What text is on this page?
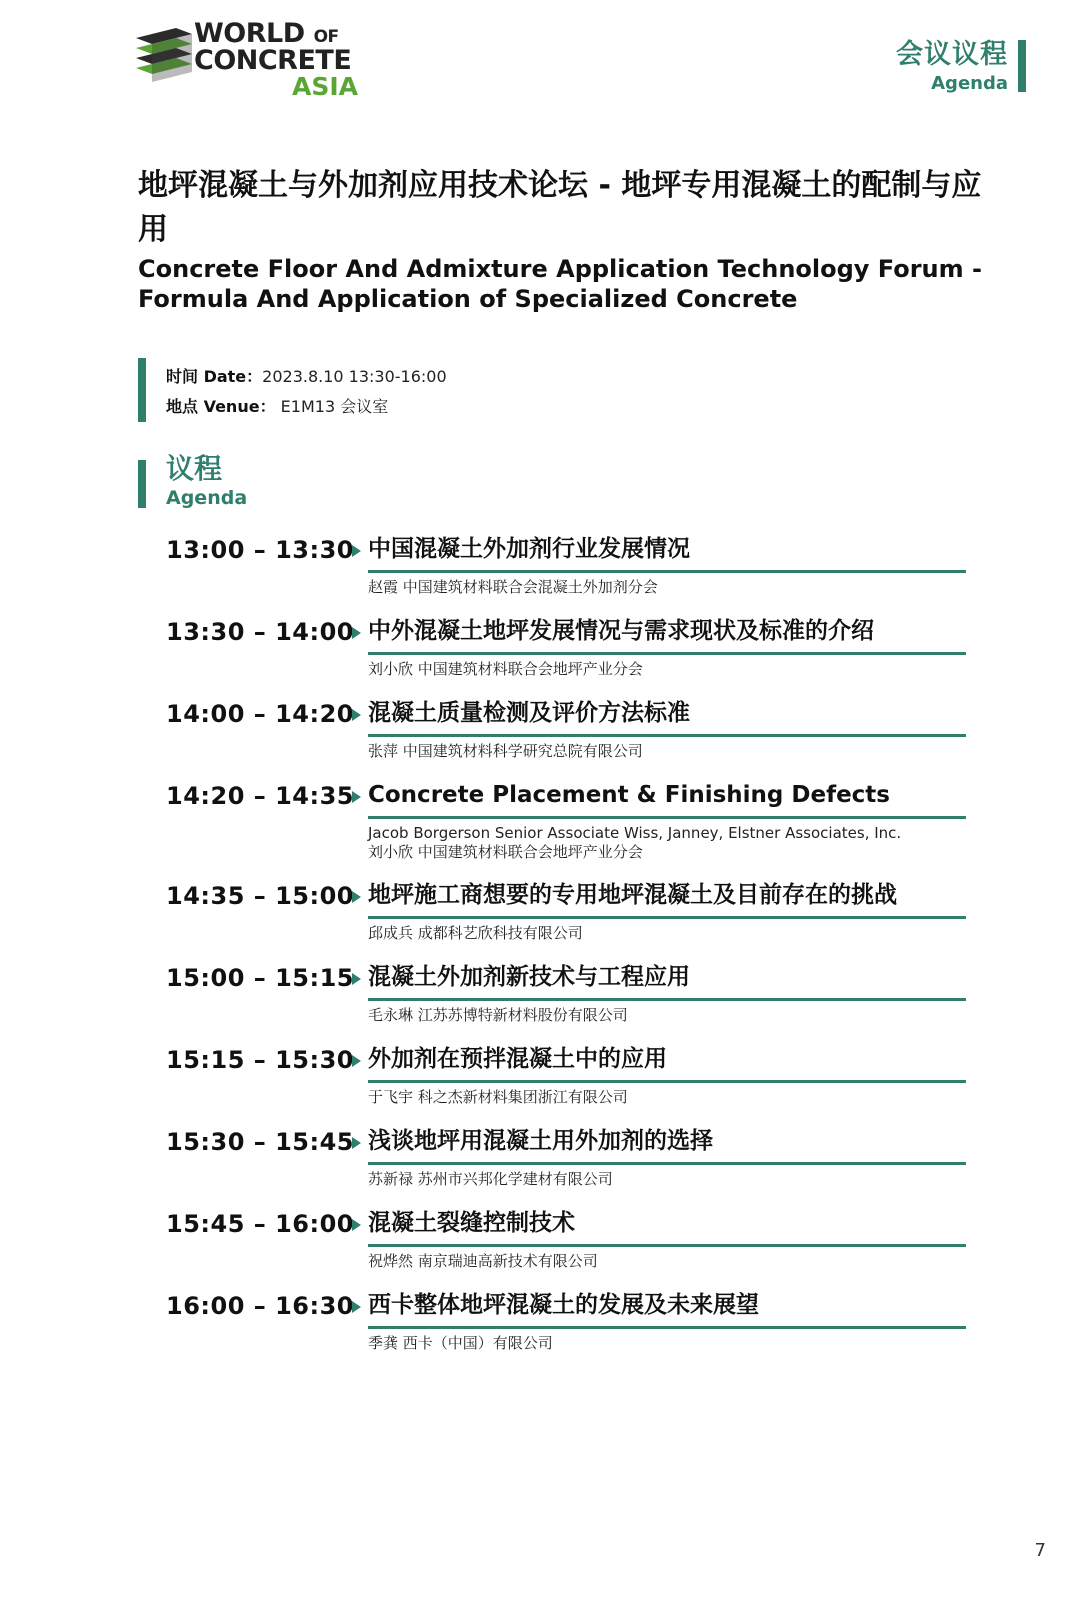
WORLD OF
CONCRETE
ASIA
会议议程
Agenda
地坪混凝土与外加剂应用技术论坛 - 地坪专用混凝土的配制与应用
Concrete Floor And Admixture Application Technology Forum - Formula And Application of Specialized Concrete
时间 Date：2023.8.10 13:30-16:00
地点 Venue： E1M13 会议室
议程
Agenda
13:00 – 13:30 中国混凝土外加剂行业发展情况
赵霞 中国建筑材料联合会混凝土外加剂分会
13:30 – 14:00 中外混凝土地坪发展情况与需求现状及标准的介绍
刘小欣 中国建筑材料联合会地坪产业分会
14:00 – 14:20 混凝土质量检测及评价方法标准
张萍 中国建筑材料科学研究总院有限公司
14:20 – 14:35 Concrete Placement & Finishing Defects
Jacob Borgerson Senior Associate Wiss, Janney, Elstner Associates, Inc.
刘小欣 中国建筑材料联合会地坪产业分会
14:35 – 15:00 地坪施工商想要的专用地坪混凝土及目前存在的挑战
邱成兵 成都科艺欣科技有限公司
15:00 – 15:15 混凝土外加剂新技术与工程应用
毛永琳 江苏苏博特新材料股份有限公司
15:15 – 15:30 外加剂在预拌混凝土中的应用
于飞宇 科之杰新材料集团浙江有限公司
15:30 – 15:45 浅谈地坪用混凝土用外加剂的选择
苏新禄 苏州市兴邦化学建材有限公司
15:45 – 16:00 混凝土裂缝控制技术
祝烨然 南京瑞迪高新技术有限公司
16:00 – 16:30 西卡整体地坪混凝土的发展及未来展望
季龚 西卡（中国）有限公司
7
